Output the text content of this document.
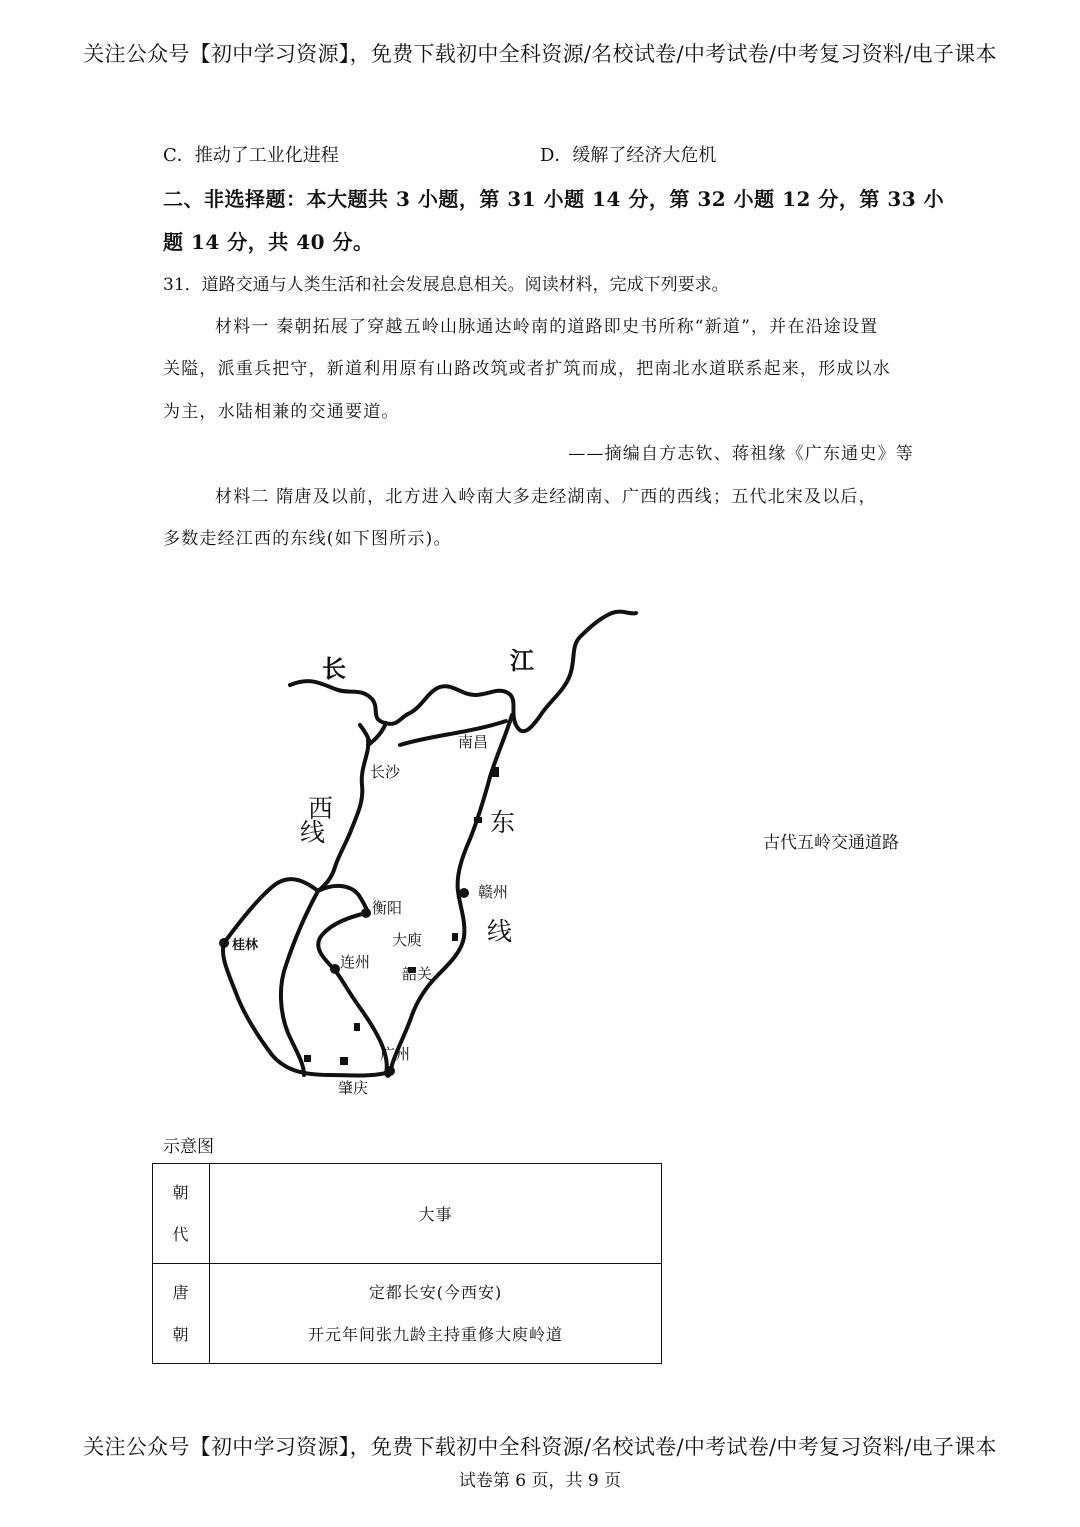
关注公众号【初中学习资源】，免费下载初中全科资源/名校试卷/中考试卷/中考复习资料/电子课本
C．推动了工业化进程	D．缓解了经济大危机
二、非选择题：本大题共 3 小题，第 31 小题 14 分，第 32 小题 12 分，第 33 小
题 14 分，共 40 分。
31．道路交通与人类生活和社会发展息息相关。阅读材料，完成下列要求。
材料一 秦朝拓展了穿越五岭山脉通达岭南的道路即史书所称“新道”，并在沿途设置
关隘，派重兵把守，新道利用原有山路改筑或者扩筑而成，把南北水道联系起来，形成以水
为主，水陆相兼的交通要道。
——摘编自方志钦、蒋祖缘《广东通史》等
材料二 隋唐及以前，北方进入岭南大多走经湖南、广西的西线；五代北宋及以后，
多数走经江西的东线(如下图所示)。
长	江
西
线	东
线
南昌
长沙
赣州
衡阳
桂林	大庾
连州
韶关
广州
肇庆
古代五岭交通道路
示意图
朝
代	大事

唐
朝	定都长安(今西安)
开元年间张九龄主持重修大庾岭道
关注公众号【初中学习资源】，免费下载初中全科资源/名校试卷/中考试卷/中考复习资料/电子课本
试卷第 6 页，共 9 页
